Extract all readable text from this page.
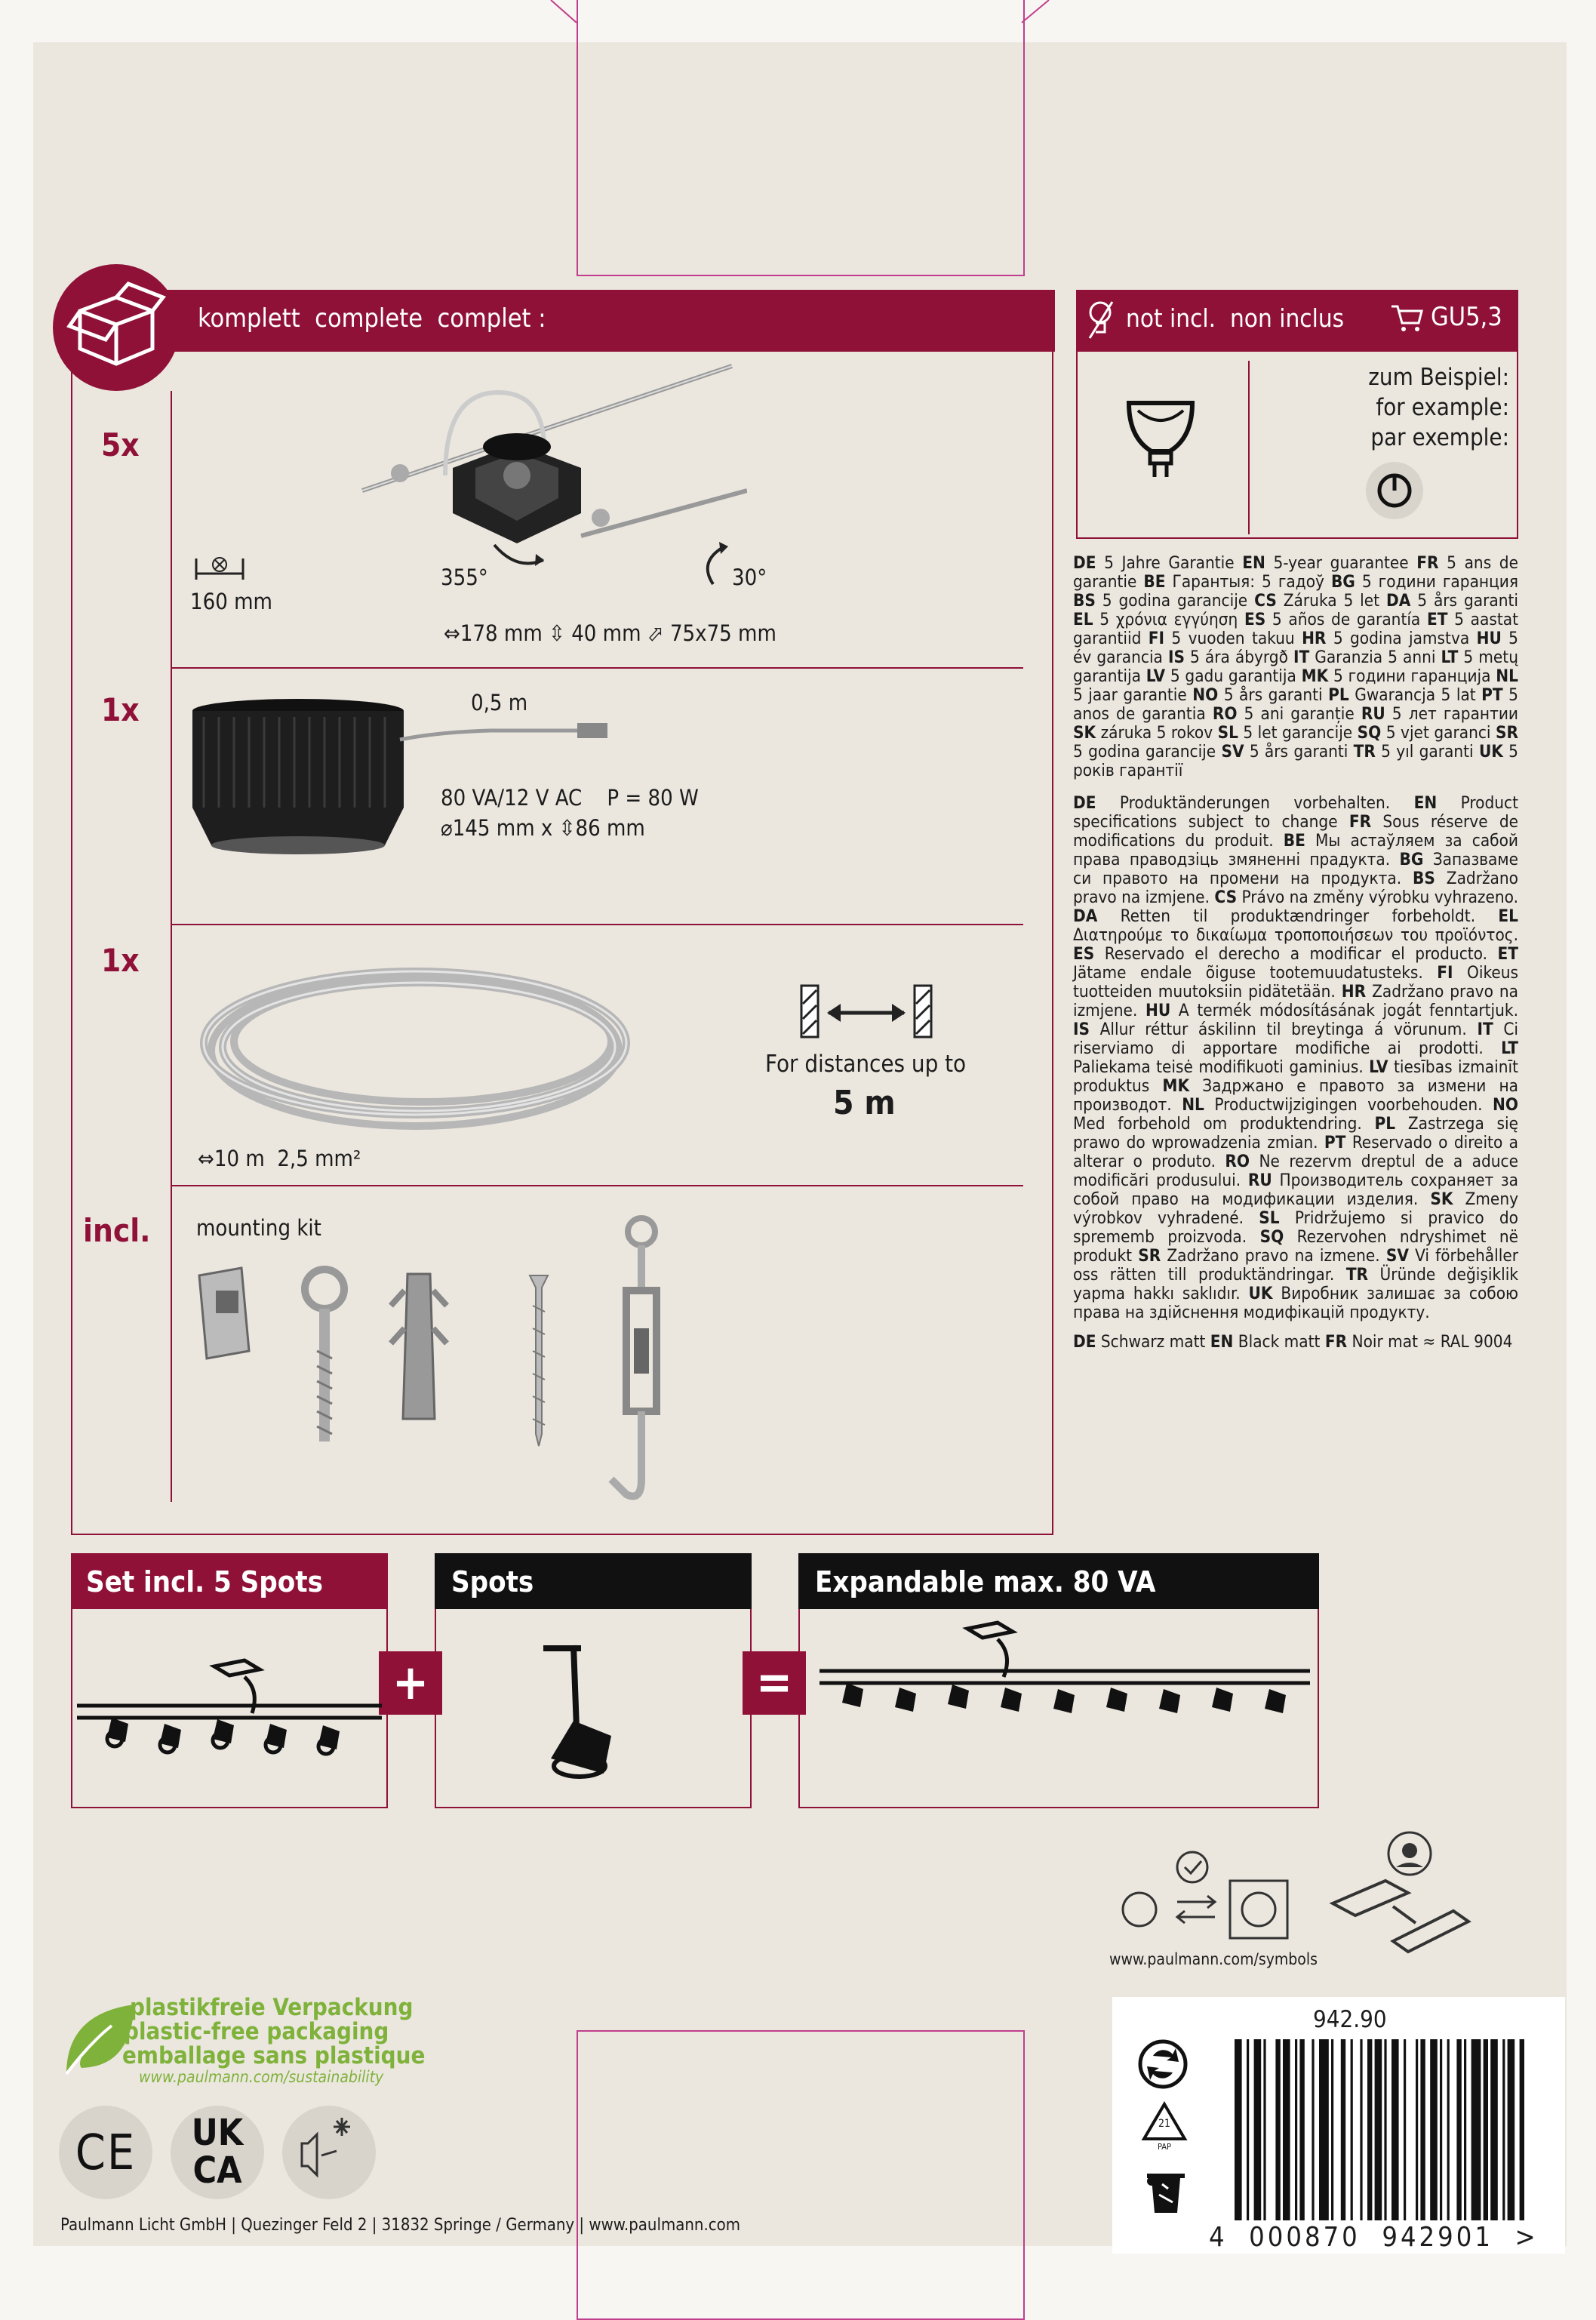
komplett  complete  complet :
5x
355°	30°
160 mm
⇔178 mm ⇳ 40 mm ⬀ 75x75 mm
1x	0,5 m
80 VA/12 V AC    P = 80 W
⌀145 mm x ⇳86 mm
1x
⇔10 m  2,5 mm²
For distances up to
5 m
incl. mounting kit
not incl.  non inclus	GU5,3
zum Beispiel:
for example:
par exemple:
DE 5 Jahre Garantie EN 5-year guarantee FR 5 ans de garantie BE Гарантыя: 5 гадоў BG 5 години гаранция BS 5 godina garancije CS Záruka 5 let DA 5 års garanti EL 5 χρόνια εγγύηση ES 5 años de garantía ET 5 aastat garantiid FI 5 vuoden takuu HR 5 godina jamstva HU 5 év garancia IS 5 ára ábyrgð IT Garanzia 5 anni LT 5 metų garantija LV 5 gadu garantija MK 5 години гаранција NL 5 jaar garantie NO 5 års garanti PL Gwarancja 5 lat PT 5 anos de garantia RO 5 ani garanție RU 5 лет гарантии SK záruka 5 rokov SL 5 let garancije SQ 5 vjet garanci SR 5 godina garancije SV 5 års garanti TR 5 yıl garanti UK 5 років гарантії
DE Produktänderungen vorbehalten. EN Product specifications subject to change FR Sous réserve de modifications du produit. BE Мы астаўляем за сабой права праводзіць змяненні прадукта. BG Запазваме си правото на промени на продукта. BS Zadržano pravo na izmjene. CS Právo na změny výrobku vyhrazeno. DA Retten til produktændringer forbeholdt. EL Διατηρούμε το δικαίωμα τροποποιήσεων του προϊόντος. ES Reservado el derecho a modificar el producto. ET Jätame endale õiguse tootemuudatusteks. FI Oikeus tuotteiden muutoksiin pidätetään. HR Zadržano pravo na izmjene. HU A termék módosításának jogát fenntartjuk. IS Allur réttur áskilinn til breytinga á vörunum. IT Ci riserviamo di apportare modifiche ai prodotti. LT Paliekama teisė modifikuoti gaminius. LV tiesības izmainīt produktus MK Задржано е правото за измени на производот. NL Productwijzigingen voorbehouden. NO Med forbehold om produktendring. PL Zastrzega się prawo do wprowadzenia zmian. PT Reservado o direito a alterar o produto. RO Ne rezervm dreptul de a aduce modificări produsului. RU Производитель сохраняет за собой право на модификации изделия. SK Zmeny výrobkov vyhradené. SL Pridržujemo si pravico do sprememb proizvoda. SQ Rezervohen ndryshimet në produkt SR Zadržano pravo na izmene. SV Vi förbehåller oss rätten till produktändringar. TR Üründe değişiklik yapma hakkı saklıdır. UK Виробник залишає за собою права на здійснення модифікацій продукту.
DE Schwarz matt EN Black matt FR Noir mat ≈ RAL 9004
Set incl. 5 Spots	Spots	Expandable max. 80 VA
+	=
www.paulmann.com/symbols
plastikfreie Verpackung
plastic-free packaging
emballage sans plastique
www.paulmann.com/sustainability
CE	UK
CA
Paulmann Licht GmbH | Quezinger Feld 2 | 31832 Springe / Germany | www.paulmann.com
942.90
21
PAP
4  000870  942901  >
